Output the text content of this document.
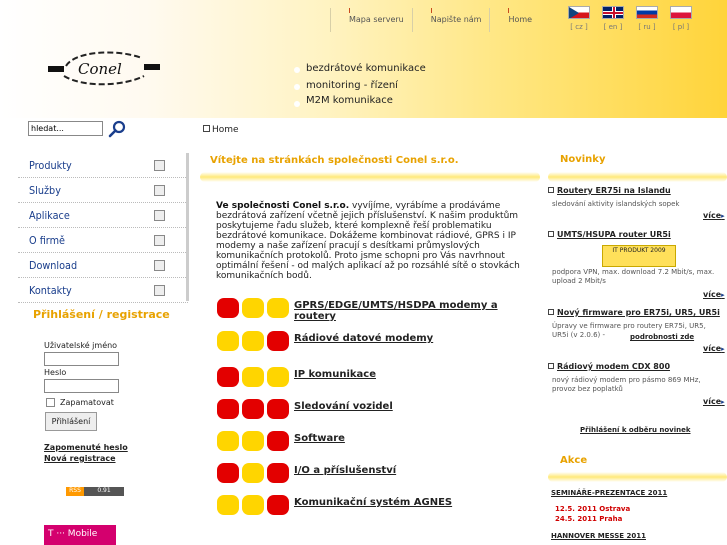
Mapa serveru	Napište nám	Home
[ cz ]	[ en ]	[ ru ]	[ pl ]
Conel	bezdrátové komunikace
monitoring - řízení
M2M komunikace
hledat...
Home
Produkty
Služby
Aplikace
O firmě
Download
Kontakty
Přihlášení / registrace
Uživatelské jméno
Heslo
Zapamatovat
Přihlášení
Zapomenuté heslo
Nová registrace
RSS	0.91
T ··· Mobile
Vítejte na stránkách společnosti Conel s.r.o.
Ve společnosti Conel s.r.o. vyvíjíme, vyrábíme a prodáváme bezdrátová zařízení včetně jejich příslušenství. K našim produktům poskytujeme řadu služeb, které komplexně řeší problematiku bezdrátové komunikace. Dokážeme kombinovat rádiové, GPRS i IP modemy a naše zařízení pracují s desítkami průmyslových komunikačních protokolů. Proto jsme schopni pro Vás navrhnout optimální řešení - od malých aplikací až po rozsáhlé sítě o stovkách komunikačních bodů.
GPRS/EDGE/UMTS/HSDPA modemy a routery
Rádiové datové modemy
IP komunikace
Sledování vozidel
Software
I/O a příslušenství
Komunikační systém AGNES
Novinky
Routery ER75i na Islandu
sledování aktivity islandských sopek
více▸
UMTS/HSUPA router UR5i
IT PRODUKT 2009
podpora VPN, max. download 7.2 Mbit/s, max. upload 2 Mbit/s
více▸
Nový firmware pro ER75i, UR5, UR5i
Úpravy ve firmware pro routery ER75i, UR5, UR5i (v 2.0.6) -	podrobnosti zde
více▸
Rádiový modem CDX 800
nový rádiový modem pro pásmo 869 MHz, provoz bez poplatků
více▸
Přihlášení k odběru novinek
Akce
SEMINÁŘE-PREZENTACE 2011
12.5. 2011 Ostrava
24.5. 2011 Praha
HANNOVER MESSE 2011
